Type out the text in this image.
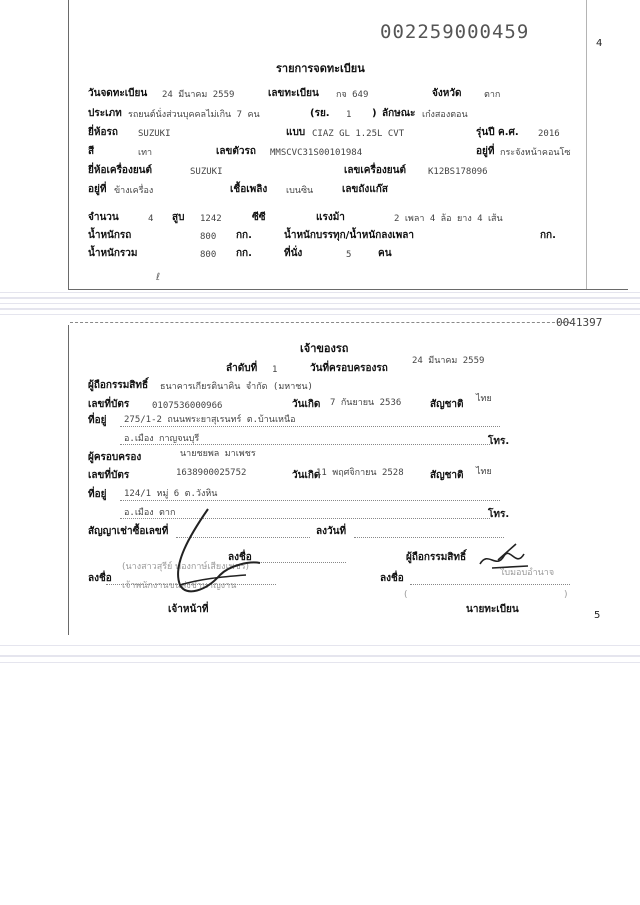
002259000459
4
รายการจดทะเบียน
วันจดทะเบียน 24 มีนาคม 2559	เลขทะเบียน กจ 649	จังหวัด	ตาก
ประเภท รถยนต์นั่งส่วนบุคคลไม่เกิน 7 คน	(รย. 1 ) ลักษณะ เก๋งสองตอน
ยี่ห้อรถ SUZUKI	แบบ CIAZ GL 1.25L CVT	รุ่นปี ค.ศ. 2016
สี	เทา	เลขตัวรถ MMSCVC31S00101984	อยู่ที่ กระจังหน้าคอนโซ
ยี่ห้อเครื่องยนต์	SUZUKI	เลขเครื่องยนต์ K12BS178096
อยู่ที่ ข้างเครื่อง	เชื้อเพลิง เบนซิน	เลขถังแก๊ส
จำนวน	4 สูบ 1242	ซีซี	แรงม้า	2 เพลา 4 ล้อ ยาง 4 เส้น
น้ำหนักรถ	800 กก.	น้ำหนักบรรทุก/น้ำหนักลงเพลา	กก.
น้ำหนักรวม	800 กก.	ที่นั่ง	5	คน
ℓ
0041397
เจ้าของรถ
ลำดับที่ 1	วันที่ครอบครองรถ
24 มีนาคม 2559
ผู้ถือกรรมสิทธิ์ ธนาคารเกียรตินาคิน จำกัด (มหาชน)
เลขที่บัตร	0107536000966	วันเกิด 7 กันยายน 2536	สัญชาติ ไทย
ที่อยู่ 275/1-2 ถนนพระยาสุเรนทร์ ต.บ้านเหนือ
อ.เมือง กาญจนบุรี	โทร.
ผู้ครอบครอง	นายชยพล มาเพชร
เลขที่บัตร	1638900025752	วันเกิด
11 พฤศจิกายน 2528	สัญชาติ ไทย
ที่อยู่ 124/1 หมู่ 6 ต.วังหิน
อ.เมือง ตาก	โทร.
สัญญาเช่าซื้อเลขที่	ลงวันที่
ลงชื่อ	ผู้ถือกรรมสิทธิ์
ลงชื่อ
(นางสาวสุรีย์ ทองกาษ์เสียงเพชร)
เจ้าพนักงานขนส่งชำนาญงาน
ลงชื่อ	ใบมอบอำนาจ
(	)
เจ้าหน้าที่	นายทะเบียน
5
